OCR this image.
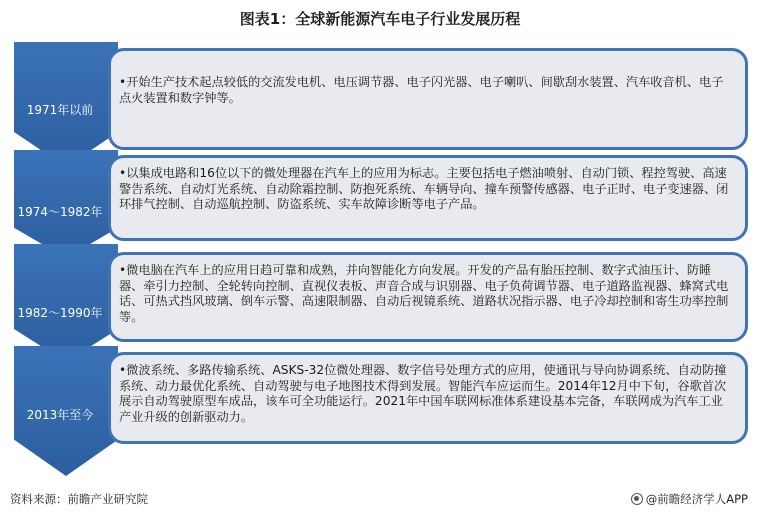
图表1：全球新能源汽车电子行业发展历程
1971年以前
•开始生产技术起点较低的交流发电机、电压调节器、电子闪光器、电子喇叭、间歇刮水装置、汽车收音机、电子点火装置和数字钟等。
1974～1982年
•以集成电路和16位以下的微处理器在汽车上的应用为标志。主要包括电子燃油喷射、自动门锁、程控驾驶、高速警告系统、自动灯光系统、自动除霜控制、防抱死系统、车辆导向、撞车预警传感器、电子正时、电子变速器、闭环排气控制、自动巡航控制、防盗系统、实车故障诊断等电子产品。
1982～1990年
•微电脑在汽车上的应用日趋可靠和成熟，并向智能化方向发展。开发的产品有胎压控制、数字式油压计、防睡器、牵引力控制、全轮转向控制、直视仪表板、声音合成与识别器、电子负荷调节器、电子道路监视器、蜂窝式电话、可热式挡风玻璃、倒车示警、高速限制器、自动后视镜系统、道路状况指示器、电子冷却控制和寄生功率控制等。
2013年至今
•微波系统、多路传输系统、ASKS-32位微处理器、数字信号处理方式的应用，使通讯与导向协调系统、自动防撞系统、动力最优化系统、自动驾驶与电子地图技术得到发展。智能汽车应运而生。2014年12月中下旬，谷歌首次展示自动驾驶原型车成品，该车可全功能运行。2021年中国车联网标准体系建设基本完备，车联网成为汽车工业产业升级的创新驱动力。
资料来源：前瞻产业研究院	@前瞻经济学人APP
